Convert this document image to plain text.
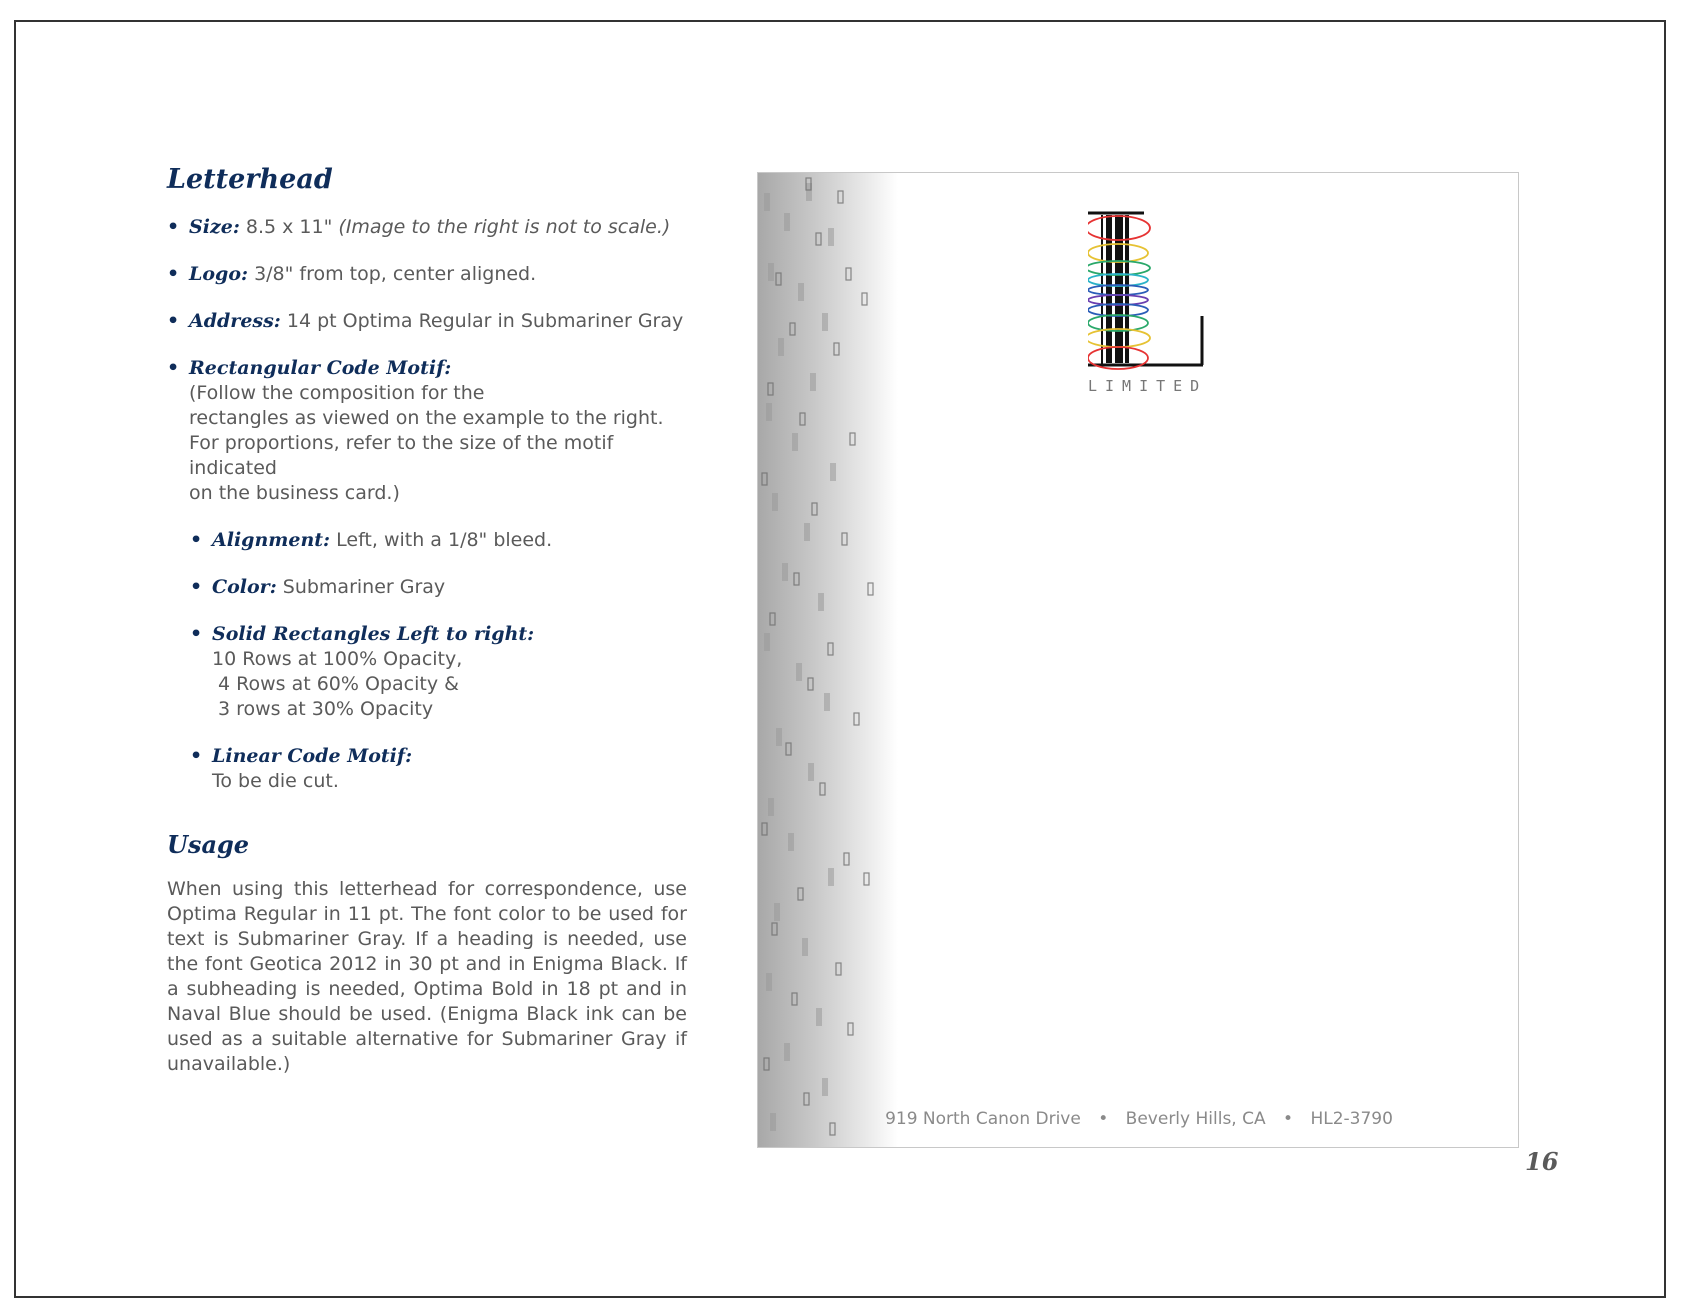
Letterhead
• Size: 8.5 x 11" (Image to the right is not to scale.)
• Logo: 3/8" from top, center aligned.
• Address: 14 pt Optima Regular in Submariner Gray
• Rectangular Code Motif:
(Follow the composition for the
rectangles as viewed on the example to the right.
For proportions, refer to the size of the motif indicated
on the business card.)
• Alignment: Left, with a 1/8" bleed.
• Color: Submariner Gray
• Solid Rectangles Left to right:
10 Rows at 100% Opacity,
4 Rows at 60% Opacity &
3 rows at 30% Opacity
• Linear Code Motif:
To be die cut.
Usage
When using this letterhead for correspondence, use Optima Regular in 11 pt. The font color to be used for text is Submariner Gray. If a heading is needed, use the font Geotica 2012 in 30 pt and in Enigma Black. If a subheading is needed, Optima Bold in 18 pt and in Naval Blue should be used. (Enigma Black ink can be used as a suitable alternative for Submariner Gray if unavailable.)
LIMITED
919 North Canon Drive • Beverly Hills, CA • HL2-3790
16
